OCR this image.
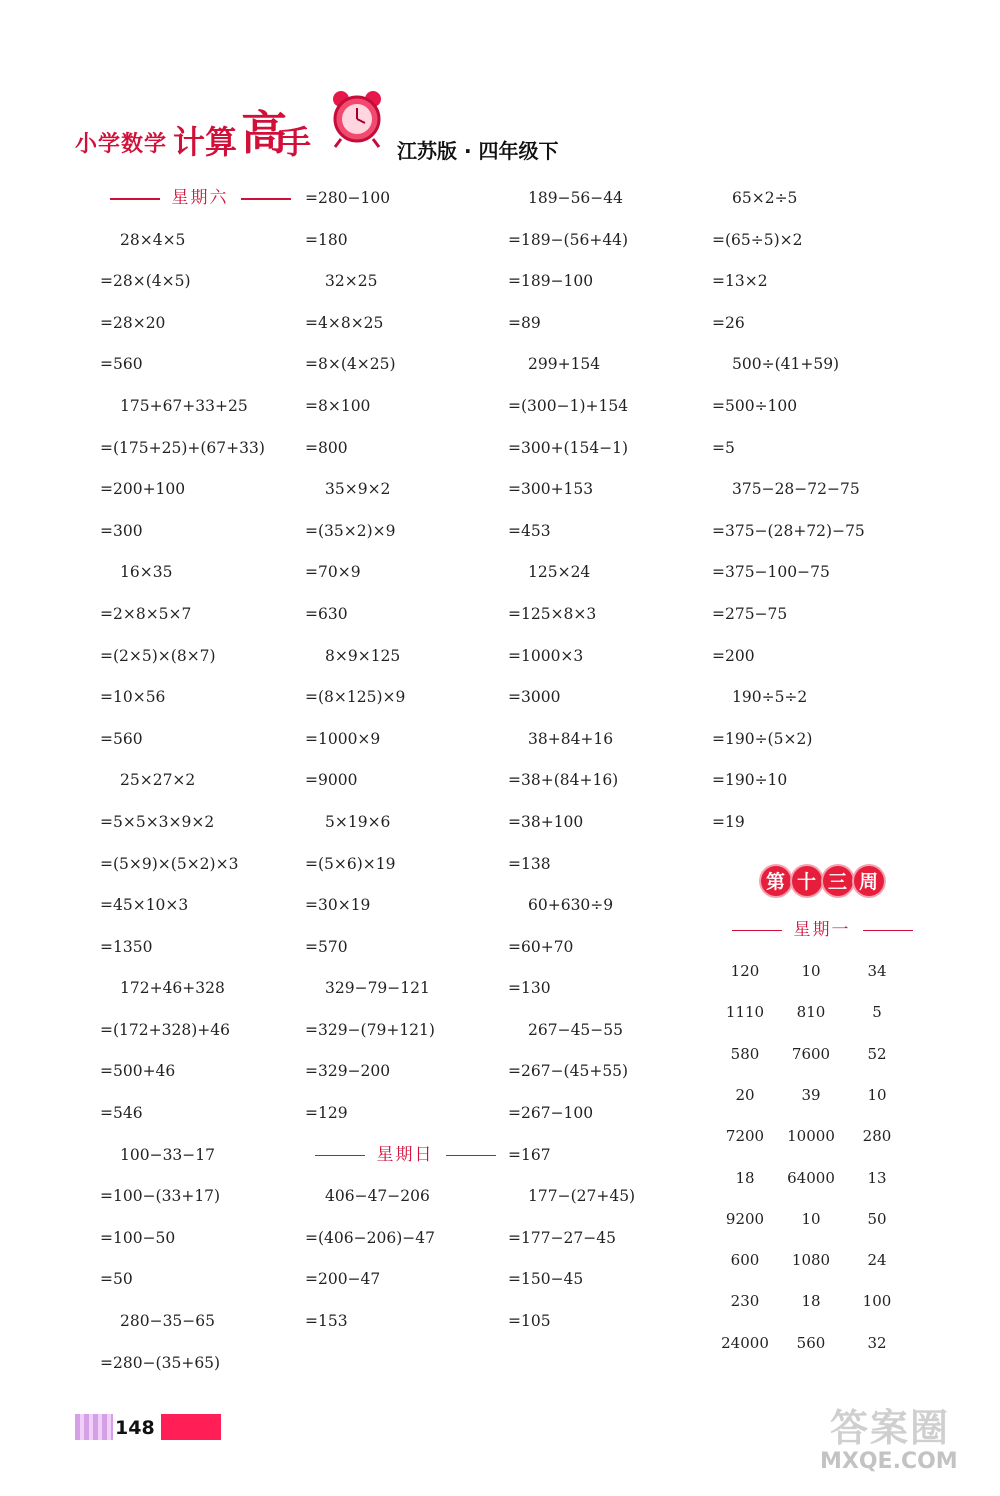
小学数学 计算 高
手	江苏版 · 四年级下
星期六
28×4×5
=28×(4×5)
=28×20
=560
175+67+33+25
=(175+25)+(67+33)
=200+100
=300
16×35
=2×8×5×7
=(2×5)×(8×7)
=10×56
=560
25×27×2
=5×5×3×9×2
=(5×9)×(5×2)×3
=45×10×3
=1350
172+46+328
=(172+328)+46
=500+46
=546
100−33−17
=100−(33+17)
=100−50
=50
280−35−65
=280−(35+65)
=280−100
=180
32×25
=4×8×25
=8×(4×25)
=8×100
=800
35×9×2
=(35×2)×9
=70×9
=630
8×9×125
=(8×125)×9
=1000×9
=9000
5×19×6
=(5×6)×19
=30×19
=570
329−79−121
=329−(79+121)
=329−200
=129
星期日
406−47−206
=(406−206)−47
=200−47
=153
189−56−44
=189−(56+44)
=189−100
=89
299+154
=(300−1)+154
=300+(154−1)
=300+153
=453
125×24
=125×8×3
=1000×3
=3000
38+84+16
=38+(84+16)
=38+100
=138
60+630÷9
=60+70
=130
267−45−55
=267−(45+55)
=267−100
=167
177−(27+45)
=177−27−45
=150−45
=105
65×2÷5
=(65÷5)×2
=13×2
=26
500÷(41+59)
=500÷100
=5
375−28−72−75
=375−(28+72)−75
=375−100−75
=275−75
=200
190÷5÷2
=190÷(5×2)
=190÷10
=19
第 十 三 周
星期一
120	10	34
1110	810	5
580	7600	52
20	39	10
7200	10000	280
18	64000	13
9200	10	50
600	1080	24
230	18	100
24000	560	32
148	答案圈
MXQE.COM
